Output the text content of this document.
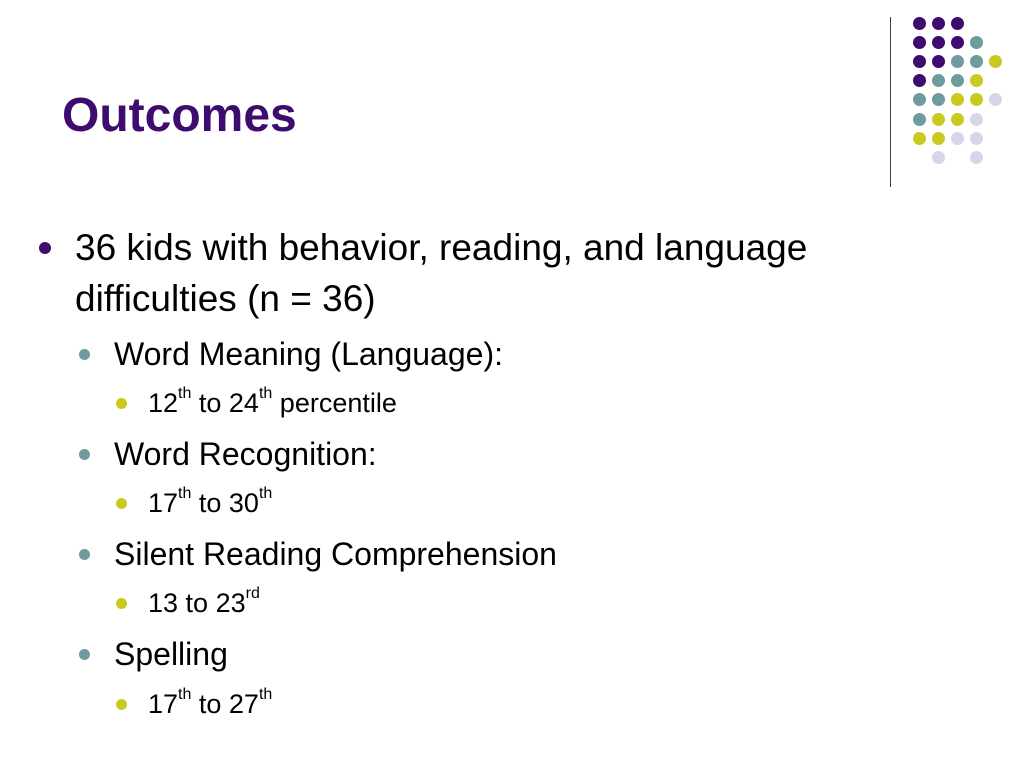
Outcomes
36 kids with behavior, reading, and language difficulties (n = 36)
Word Meaning (Language):
12th to 24th percentile
Word Recognition:
17th to 30th
Silent Reading Comprehension
13 to 23rd
Spelling
17th to 27th
